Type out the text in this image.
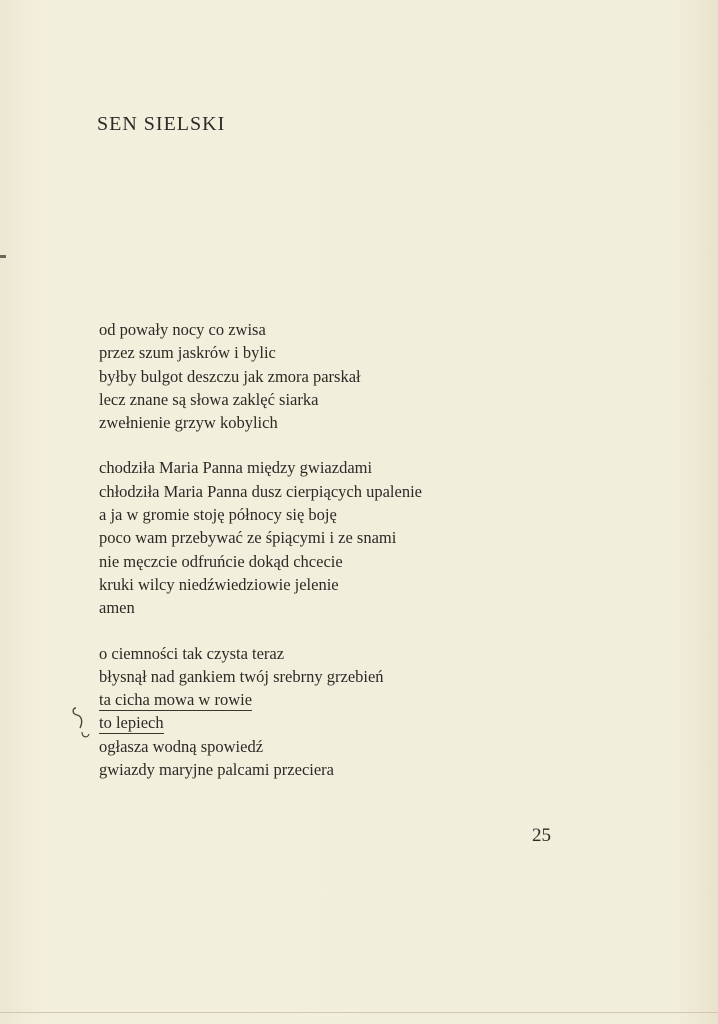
SEN SIELSKI
od powały nocy co zwisa
przez szum jaskrów i bylic
byłby bulgot deszczu jak zmora parskał
lecz znane są słowa zaklęć siarka
zwełnienie grzyw kobylich
chodziła Maria Panna między gwiazdami
chłodziła Maria Panna dusz cierpiących upalenie
a ja w gromie stoję północy się boję
poco wam przebywać ze śpiącymi i ze snami
nie męczcie odfruńcie dokąd chcecie
kruki wilcy niedźwiedziowie jelenie
amen
o ciemności tak czysta teraz
błysnął nad gankiem twój srebrny grzebień
ta cicha mowa w rowie
to lepiech
ogłasza wodną spowiedź
gwiazdy maryjne palcami przeciera
25
